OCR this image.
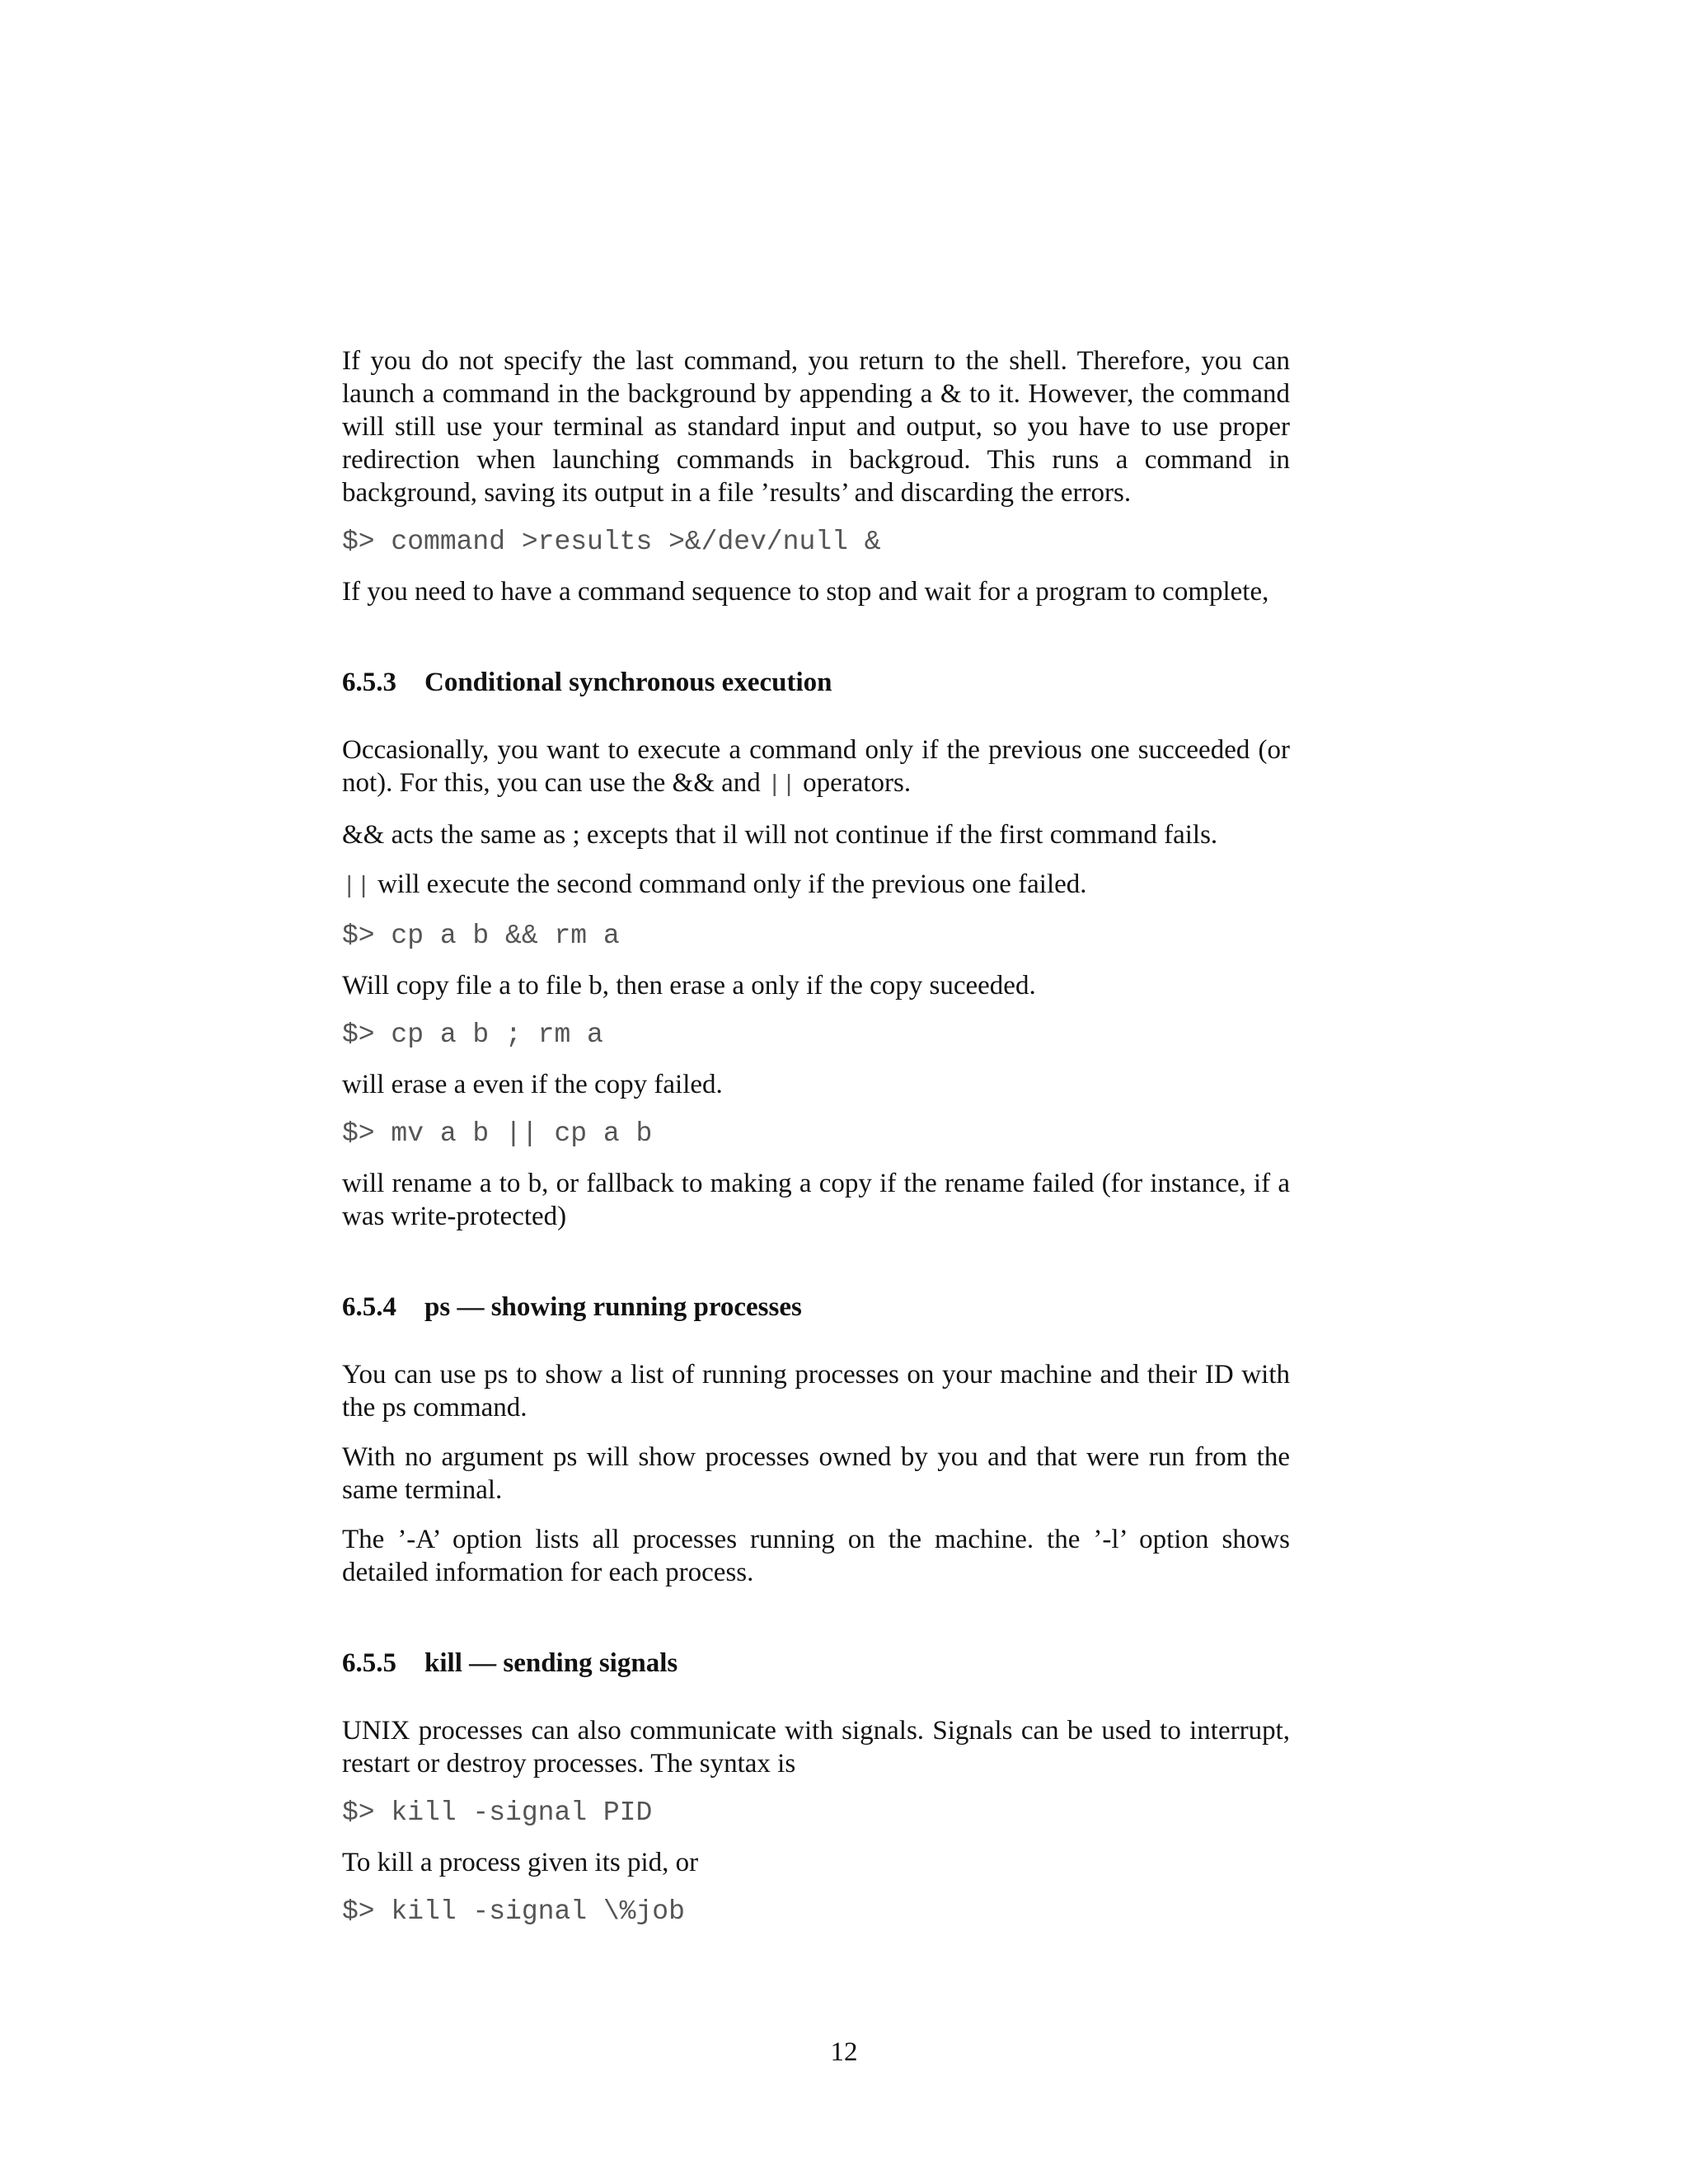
If you do not specify the last command, you return to the shell. Therefore, you can launch a command in the background by appending a & to it. However, the command will still use your terminal as standard input and output, so you have to use proper redirection when launching commands in backgroud. This runs a command in background, saving its output in a file ’results’ and discarding the errors.

$> command >results >&/dev/null &

If you need to have a command sequence to stop and wait for a program to complete,

6.5.3 Conditional synchronous execution

Occasionally, you want to execute a command only if the previous one succeeded (or not). For this, you can use the && and || operators.

&& acts the same as ; excepts that il will not continue if the first command fails.

|| will execute the second command only if the previous one failed.

$> cp a b && rm a

Will copy file a to file b, then erase a only if the copy suceeded.

$> cp a b ; rm a

will erase a even if the copy failed.

$> mv a b || cp a b

will rename a to b, or fallback to making a copy if the rename failed (for instance, if a was write-protected)

6.5.4 ps — showing running processes

You can use ps to show a list of running processes on your machine and their ID with the ps command.

With no argument ps will show processes owned by you and that were run from the same terminal.

The ’-A’ option lists all processes running on the machine. the ’-l’ option shows detailed information for each process.

6.5.5 kill — sending signals

UNIX processes can also communicate with signals. Signals can be used to interrupt, restart or destroy processes. The syntax is

$> kill -signal PID

To kill a process given its pid, or

$> kill -signal \%job
12
